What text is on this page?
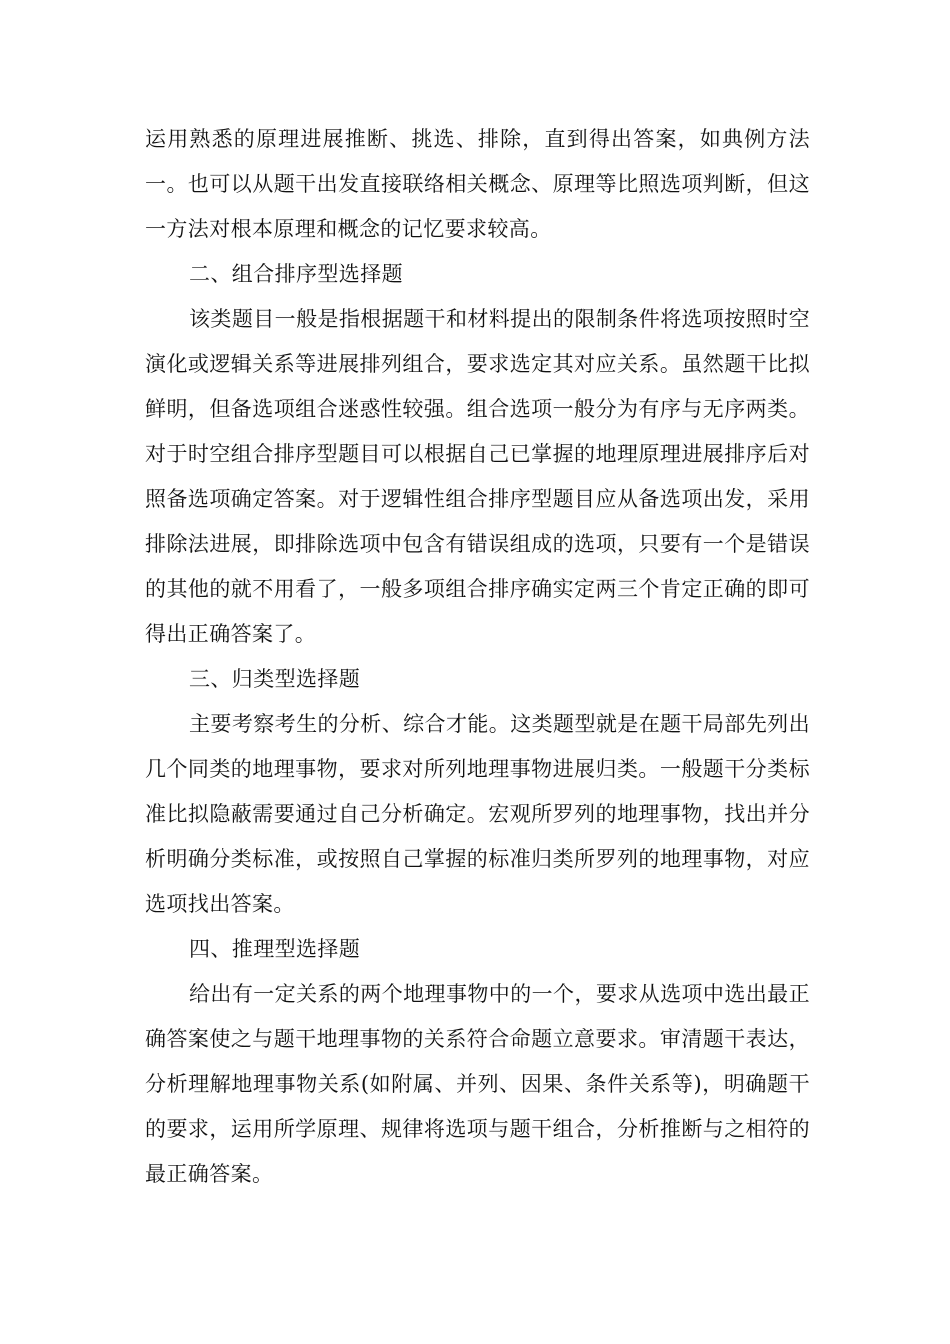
运用熟悉的原理进展推断、挑选、排除，直到得出答案，如典例方法一。也可以从题干出发直接联络相关概念、原理等比照选项判断，但这一方法对根本原理和概念的记忆要求较高。

二、组合排序型选择题

该类题目一般是指根据题干和材料提出的限制条件将选项按照时空演化或逻辑关系等进展排列组合，要求选定其对应关系。虽然题干比拟鲜明，但备选项组合迷惑性较强。组合选项一般分为有序与无序两类。对于时空组合排序型题目可以根据自己已掌握的地理原理进展排序后对照备选项确定答案。对于逻辑性组合排序型题目应从备选项出发，采用排除法进展，即排除选项中包含有错误组成的选项，只要有一个是错误的其他的就不用看了，一般多项组合排序确实定两三个肯定正确的即可得出正确答案了。

三、归类型选择题

主要考察考生的分析、综合才能。这类题型就是在题干局部先列出几个同类的地理事物，要求对所列地理事物进展归类。一般题干分类标准比拟隐蔽需要通过自己分析确定。宏观所罗列的地理事物，找出并分析明确分类标准，或按照自己掌握的标准归类所罗列的地理事物，对应选项找出答案。

四、推理型选择题

给出有一定关系的两个地理事物中的一个，要求从选项中选出最正确答案使之与题干地理事物的关系符合命题立意要求。审清题干表达，分析理解地理事物关系(如附属、并列、因果、条件关系等)，明确题干的要求，运用所学原理、规律将选项与题干组合，分析推断与之相符的最正确答案。
